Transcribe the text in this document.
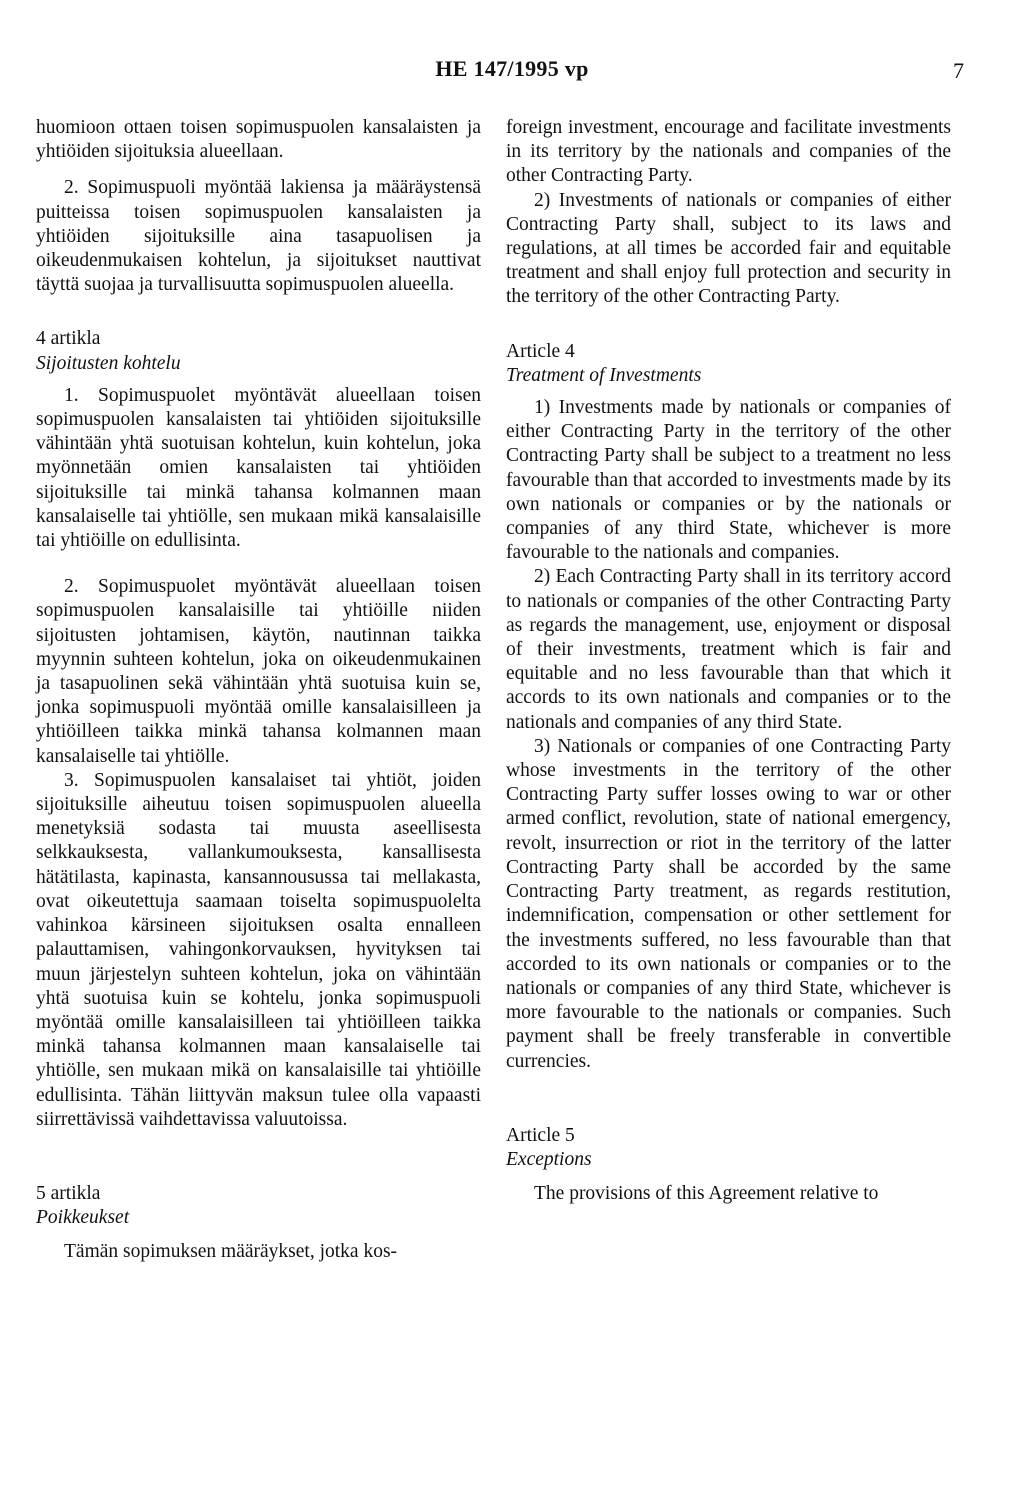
HE 147/1995 vp	7

huomioon ottaen toisen sopimuspuolen kansalaisten ja yhtiöiden sijoituksia alueellaan.

2. Sopimuspuoli myöntää lakiensa ja määräystensä puitteissa toisen sopimuspuolen kansalaisten ja yhtiöiden sijoituksille aina tasapuolisen ja oikeudenmukaisen kohtelun, ja sijoitukset nauttivat täyttä suojaa ja turvallisuutta sopimuspuolen alueella.

4 artikla

Sijoitusten kohtelu

1. Sopimuspuolet myöntävät alueellaan toisen sopimuspuolen kansalaisten tai yhtiöiden sijoituksille vähintään yhtä suotuisan kohtelun, kuin kohtelun, joka myönnetään omien kansalaisten tai yhtiöiden sijoituksille tai minkä tahansa kolmannen maan kansalaiselle tai yhtiölle, sen mukaan mikä kansalaisille tai yhtiöille on edullisinta.

2. Sopimuspuolet myöntävät alueellaan toisen sopimuspuolen kansalaisille tai yhtiöille niiden sijoitusten johtamisen, käytön, nautinnan taikka myynnin suhteen kohtelun, joka on oikeudenmukainen ja tasapuolinen sekä vähintään yhtä suotuisa kuin se, jonka sopimuspuoli myöntää omille kansalaisilleen ja yhtiöilleen taikka minkä tahansa kolmannen maan kansalaiselle tai yhtiölle.

3. Sopimuspuolen kansalaiset tai yhtiöt, joiden sijoituksille aiheutuu toisen sopimuspuolen alueella menetyksiä sodasta tai muusta aseellisesta selkkauksesta, vallankumouksesta, kansallisesta hätätilasta, kapinasta, kansannousussa tai mellakasta, ovat oikeutettuja saamaan toiselta sopimuspuolelta vahinkoa kärsineen sijoituksen osalta ennalleen palauttamisen, vahingonkorvauksen, hyvityksen tai muun järjestelyn suhteen kohtelun, joka on vähintään yhtä suotuisa kuin se kohtelu, jonka sopimuspuoli myöntää omille kansalaisilleen tai yhtiöilleen taikka minkä tahansa kolmannen maan kansalaiselle tai yhtiölle, sen mukaan mikä on kansalaisille tai yhtiöille edullisinta. Tähän liittyvän maksun tulee olla vapaasti siirrettävissä vaihdettavissa valuutoissa.

5 artikla

Poikkeukset

Tämän sopimuksen määräykset, jotka kos-

foreign investment, encourage and facilitate investments in its territory by the nationals and companies of the other Contracting Party.

2) Investments of nationals or companies of either Contracting Party shall, subject to its laws and regulations, at all times be accorded fair and equitable treatment and shall enjoy full protection and security in the territory of the other Contracting Party.

Article 4

Treatment of Investments

1) Investments made by nationals or companies of either Contracting Party in the territory of the other Contracting Party shall be subject to a treatment no less favourable than that accorded to investments made by its own nationals or companies or by the nationals or companies of any third State, whichever is more favourable to the nationals and companies.

2) Each Contracting Party shall in its territory accord to nationals or companies of the other Contracting Party as regards the management, use, enjoyment or disposal of their investments, treatment which is fair and equitable and no less favourable than that which it accords to its own nationals and companies or to the nationals and companies of any third State.

3) Nationals or companies of one Contracting Party whose investments in the territory of the other Contracting Party suffer losses owing to war or other armed conflict, revolution, state of national emergency, revolt, insurrection or riot in the territory of the latter Contracting Party shall be accorded by the same Contracting Party treatment, as regards restitution, indemnification, compensation or other settlement for the investments suffered, no less favourable than that accorded to its own nationals or companies or to the nationals or companies of any third State, whichever is more favourable to the nationals or companies. Such payment shall be freely transferable in convertible currencies.

Article 5

Exceptions

The provisions of this Agreement relative to
